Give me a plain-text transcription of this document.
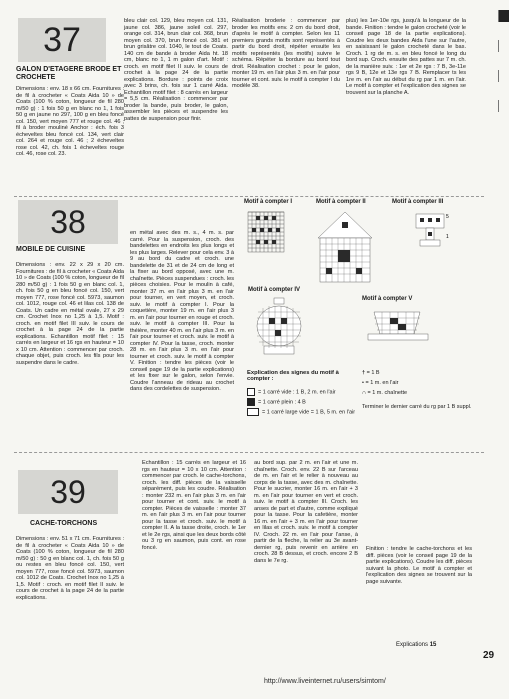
37
GALON D'ETAGERE BRODE ET CROCHETE
Dimensions : env. 18 x 66 cm. Fournitures : de fil à crocheter « Coats Aida 10 » de Coats (100 % coton, longueur de fil 280 m/50 g) : 1 fois 50 g en blanc no 1, 1 fois 50 g en jaune no 297, 100 g en bleu foncé col. 150, vert moyen 777 et rouge col. 46 ; fil à broder mouliné Anchor : éch. fois 3 écheveltes bleu foncé col. 134, vert clair col. 264 et rouge col. 46 ; 2 écheveltes rose col. 42, ch. fois 1 écheveltes rouge col. 46, rose col. 23.
bleu clair col. 129, bleu moyen col. 131, jaune col. 386, jaune soleil col. 297, orange col. 314, brun clair col. 368, brun moyen col. 370, brun foncé col. 381 et brun grisâtre col. 1040, le tout de Coats. 140 cm de bande à broder Aida ht. 18 cm, blanc no 1, 1 m galon d'art. Motif : croch. en motif filet II suiv. le cours de crochet à la page 24 de la partie explications. Bordure : points de croix avec 3 brins, ch. fois sur 1 carré Aida. Echantillon motif filet : 8 carrés en largeur = 5,5 cm. Réalisation : commencer par broder la bande, puis broder, le galon, assembler les pièces et suspendre les pattes de suspension pour finir.
Réalisation broderie : commencer par broder les motifs env. 2 cm du bord droit, d'après le motif à compter. Selon les 11 premiers grands motifs sont représentés à partir du bord droit, répéter ensuite les motifs représentés (les motifs) suivre le schéma. Répéter la bordure au bord tout droit. Réalisation crochet : pour le galon, monter 19 m. en l'air plus 3 m. en l'air pour tourner et cont. suiv. le motif à compter I du modèle 38.
plus) les 1er-10e rgs, jusqu'à la longueur de la bande. Finition : tendre le galon crocheté (voir le conseil page 18 de la partie explications). Coudre les deux bandes Aida l'une sur l'autre, en saisissant le galon crocheté dans le bas. Croch. 1 rg de m. s. en bleu foncé le long du bord sup. Croch. ensuite des pattes sur 7 m. ch. de la manière suiv. : 1er et 2e rgs : 7 B, 3e-11e rgs 9 B, 12e et 13e rgs 7 B. Remplacer ts les 1re m. en l'air au début du rg par 1 m. en l'air. Le motif à compter et l'explication des signes se trouvent sur la planche A.
38
MOBILE DE CUISINE
Dimensions : env. 22 x 29 x 20 cm. Fournitures : de fil à crocheter « Coats Aida 10 » de Coats (100 % coton, longueur de fil 280 m/50 g) : 1 fois 50 g en blanc col. 1, ch. fois 50 g en bleu foncé col. 150, vert moyen 777, rose foncé col. 5973, saumon col. 1012, rouge col. 46 et lilas col. 138 de Coats. Un cadre en métal ovale, 27 x 29 cm. Crochet Inox no 1,25 à 1,5. Motif : croch. en motif filet III suiv. le cours de crochet à la page 24 de la partie explications. Echantillon motif filet : 15 carrés en largeur et 16 rgs en hauteur = 10 x 10 cm. Attention : commencer par croch. chaque objet, puis croch. les fils pour les suspendre dans le cadre.
en métal avec des m. s., 4 m. s. par carré. Pour la suspension, croch. des bandelettes en endroits les plus longs et les plus larges. Relever pour cela env. 3 à 9 au bord du cadre et croch. une bandelette de 31 et de 24 cm de long et la fixer au bord opposé, avec une m. chaînette. Pièces suspendues : croch. les pièces choisies. Pour le moulin à café, monter 37 m. en l'air plus 3 m. en l'air pour tourner, en vert moyen, et croch. suiv. le motif à compter I. Pour la coquetière, monter 19 m. en l'air plus 3 m. en l'air pour tourner en rouge et croch. suiv. le motif à compter III. Pour la théière, monter 40 m. en l'air plus 3 m. en l'air pour tourner et croch. suiv. le motif à compter IV. Pour la tasse, croch. monter 28 m. en l'air plus 3 m. en l'air pour tourner et croch. suiv. le motif à compter V. Finition : tendre les pièces (voir le conseil page 19 de la partie explications) et les fixer sur le galon, selon l'envie. Coudre l'anneau de rideau au crochet dans des cordelettes de suspension.
Motif à compter I	Motif à compter II	Motif à compter III
Motif à compter IV
Motif à compter V
5
1
Explication des signes du motif à compter :
= 1 carré vide : 1 B, 2 m. en l'air
= 1 carré plein : 4 B
= 1 carré large vide = 1 B, 5 m. en l'air
† = 1 B
• = 1 m. en l'air
∩ = 1 m. chaînette
Terminer le dernier carré du rg par 1 B suppl.
39
CACHE-TORCHONS
Dimensions : env. 51 x 71 cm. Fournitures : de fil à crocheter « Coats Aida 10 » de Coats (100 % coton, longueur de fil 280 m/50 g) : 50 g en blanc col. 1, ch. fois 50 g ou restes en bleu foncé col. 150, vert moyen 777, rose foncé col. 5973, saumon col. 1012 de Coats. Crochet Inox no 1,25 à 1,5. Motif : croch. en motif filet II suiv. le cours de crochet à la page 24 de la partie explications.
Echantillon : 15 carrés en largeur et 16 rgs en hauteur = 10 x 10 cm. Attention : commencer par croch. le cache-torchons, croch. les diff. pièces de la vaisselle séparément, puis les coudre. Réalisation : monter 232 m. en l'air plus 3 m. en l'air pour tourner et cont. suiv. le motif à compter. Pièces de vaisselle : monter 37 m. en l'air plus 3 m. en l'air pour tourner pour la tasse et croch. suiv. le motif à compter II. A la tasse droite, croch. le 1er et le 2e rgs, ainsi que les deux bords côté ou 3 rg en saumon, puis cont. en rose foncé.
au bord sup. par 2 m. en l'air et une m. chaînette. Croch. env. 22 B sur l'arceau de m. en l'air et le relier à nouveau au corps de la tasse, avec des m. chaînette. Pour le sucrier, monter 16 m. en l'air + 3 m. en l'air pour tourner en vert et croch. suiv. le motif à compter III. Croch. les anses de part et d'autre, comme expliqué pour la tasse. Pour la cafetière, monter 16 m. en l'air + 3 m. en l'air pour tourner en lilas et croch. suiv. le motif à compter IV. Croch. 22 m. en l'air pour l'anse, à partir de la fleche, la relier au 3e avant-dernier rg, puis revenir en arrière en croch. 28 B dessus, et croch. encore 2 B dans le 7e rg.
Finition : tendre le cache-torchons et les diff. pièces (voir le conseil page 19 de la partie explications). Coudre les diff. pièces suivant la photo. Le motif à compter et l'explication des signes se trouvent sur la page suivante.
Explications 15
29
http://www.liveinternet.ru/users/simtom/
